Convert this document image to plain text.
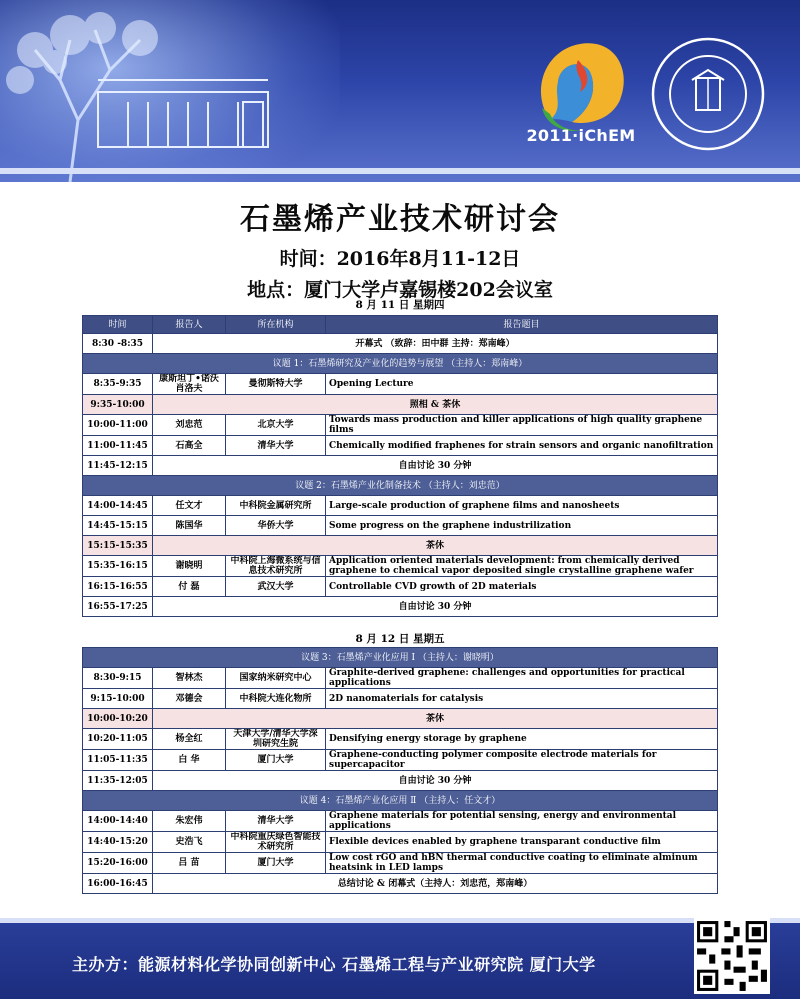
2011·iChEM
石墨烯产业技术研讨会
时间：2016年8月11-12日
地点：厦门大学卢嘉锡楼202会议室
8 月 11 日 星期四
时间	报告人	所在机构	报告题目
8:30 -8:35	开幕式 （致辞：田中群 主持：郑南峰）		
议题 1：石墨烯研究及产业化的趋势与展望 （主持人：郑南峰）			
8:35-9:35	康斯坦丁•诺沃肖洛夫	曼彻斯特大学	Opening Lecture
9:35-10:00	照相 & 茶休		
10:00-11:00	刘忠范	北京大学	Towards mass production and killer applications of high quality graphene films
11:00-11:45	石高全	清华大学	Chemically modified fraphenes for strain sensors and organic nanofiltration
11:45-12:15	自由讨论 30 分钟		
议题 2：石墨烯产业化制备技术 （主持人：刘忠范）			
14:00-14:45	任文才	中科院金属研究所	Large-scale production of graphene films and nanosheets
14:45-15:15	陈国华	华侨大学	Some progress on the graphene industrilization
15:15-15:35	茶休		
15:35-16:15	谢晓明	中科院上海微系统与信息技术研究所	Application oriented materials development: from chemically derived graphene to chemical vapor deposited single crystalline graphene wafer
16:15-16:55	付 磊	武汉大学	Controllable CVD growth of 2D materials
16:55-17:25	自由讨论 30 分钟		
8 月 12 日 星期五
议题 3：石墨烯产业化应用 Ⅰ （主持人：谢晓明）			
8:30-9:15	智林杰	国家纳米研究中心	Graphite-derived graphene: challenges and opportunities for practical applications
9:15-10:00	邓德会	中科院大连化物所	2D nanomaterials for catalysis
10:00-10:20	茶休		
10:20-11:05	杨全红	天津大学/清华大学深圳研究生院	Densifying energy storage by graphene
11:05-11:35	白 华	厦门大学	Graphene-conducting polymer composite electrode materials for supercapacitor
11:35-12:05	自由讨论 30 分钟		
议题 4：石墨烯产业化应用 Ⅱ （主持人：任文才）			
14:00-14:40	朱宏伟	清华大学	Graphene materials for potential sensing, energy and environmental applications
14:40-15:20	史浩飞	中科院重庆绿色智能技术研究所	Flexible devices enabled by graphene transparant conductive film
15:20-16:00	吕 苗	厦门大学	Low cost rGO and hBN thermal conductive coating to eliminate alminum heatsink in LED lamps
16:00-16:45	总结讨论 & 闭幕式（主持人：刘忠范，郑南峰）		
主办方：能源材料化学协同创新中心 石墨烯工程与产业研究院 厦门大学
